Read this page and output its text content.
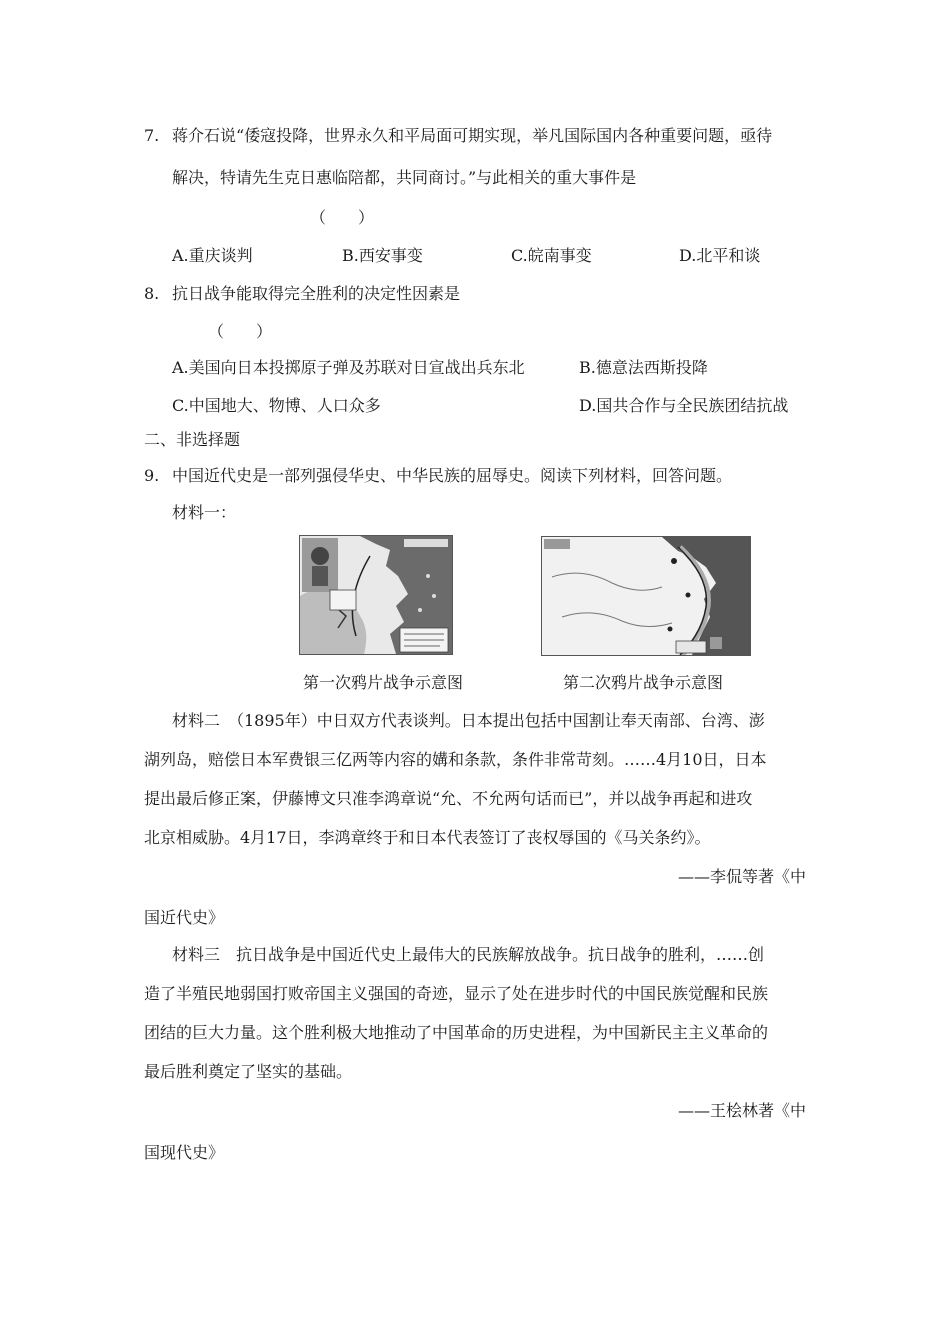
7. 蒋介石说“倭寇投降，世界永久和平局面可期实现，举凡国际国内各种重要问题，亟待
解决，特请先生克日惠临陪都，共同商讨。”与此相关的重大事件是
（　　）
A.重庆谈判	B.西安事变	C.皖南事变	D.北平和谈
8. 抗日战争能取得完全胜利的决定性因素是
（　　）
A.美国向日本投掷原子弹及苏联对日宣战出兵东北	B.德意法西斯投降
C.中国地大、物博、人口众多	D.国共合作与全民族团结抗战
二、非选择题
9. 中国近代史是一部列强侵华史、中华民族的屈辱史。阅读下列材料，回答问题。
材料一：
第一次鸦片战争示意图	第二次鸦片战争示意图
材料二　（1895年）中日双方代表谈判。日本提出包括中国割让奉天南部、台湾、澎
湖列岛，赔偿日本军费银三亿两等内容的媾和条款，条件非常苛刻。……4月10日，日本
提出最后修正案，伊藤博文只准李鸿章说“允、不允两句话而已”，并以战争再起和进攻
北京相威胁。4月17日，李鸿章终于和日本代表签订了丧权辱国的《马关条约》。
——李侃等著《中
国近代史》
材料三　抗日战争是中国近代史上最伟大的民族解放战争。抗日战争的胜利，……创
造了半殖民地弱国打败帝国主义强国的奇迹，显示了处在进步时代的中国民族觉醒和民族
团结的巨大力量。这个胜利极大地推动了中国革命的历史进程，为中国新民主主义革命的
最后胜利奠定了坚实的基础。
——王桧林著《中
国现代史》
